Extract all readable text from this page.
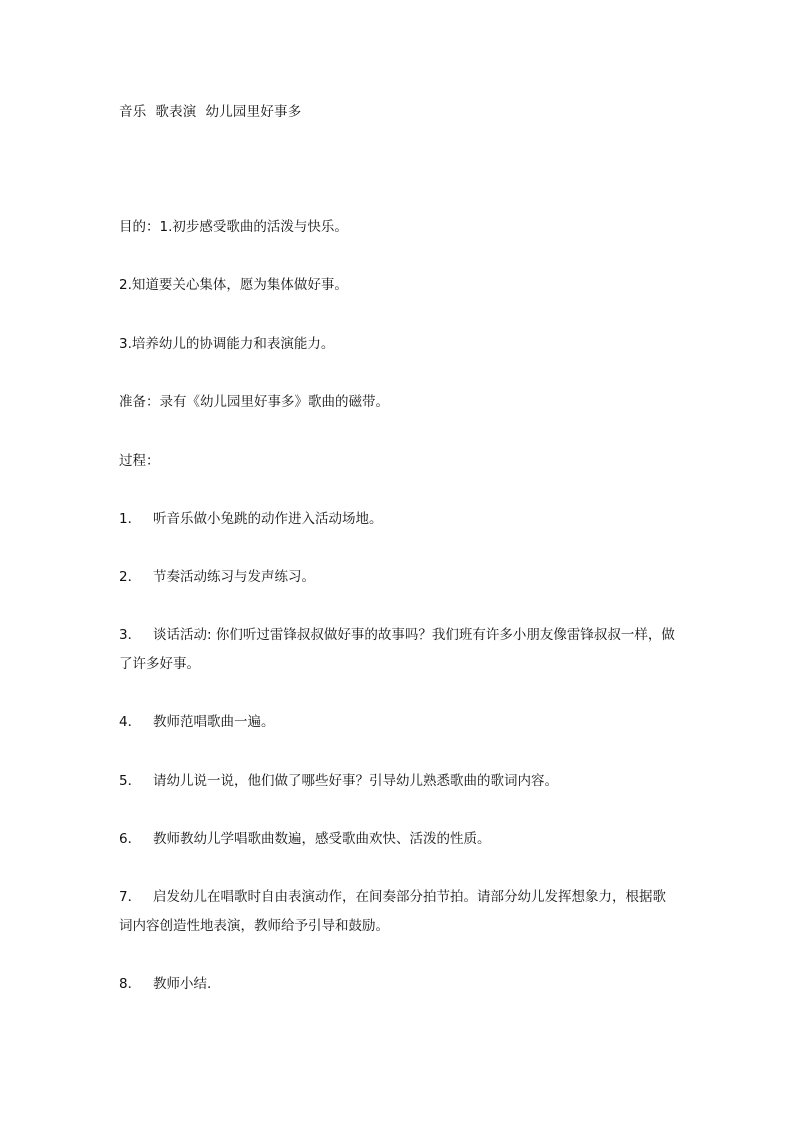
音乐 歌表演 幼儿园里好事多
目的：1.初步感受歌曲的活泼与快乐。
2.知道要关心集体，愿为集体做好事。
3.培养幼儿的协调能力和表演能力。
准备：录有《幼儿园里好事多》歌曲的磁带。
过程：
1． 听音乐做小兔跳的动作进入活动场地。
2． 节奏活动练习与发声练习。
3． 谈话活动: 你们听过雷锋叔叔做好事的故事吗？我们班有许多小朋友像雷锋叔叔一样，做了许多好事。
4． 教师范唱歌曲一遍。
5． 请幼儿说一说，他们做了哪些好事？引导幼儿熟悉歌曲的歌词内容。
6． 教师教幼儿学唱歌曲数遍，感受歌曲欢快、活泼的性质。
7． 启发幼儿在唱歌时自由表演动作，在间奏部分拍节拍。请部分幼儿发挥想象力，根据歌词内容创造性地表演，教师给予引导和鼓励。
8． 教师小结.
